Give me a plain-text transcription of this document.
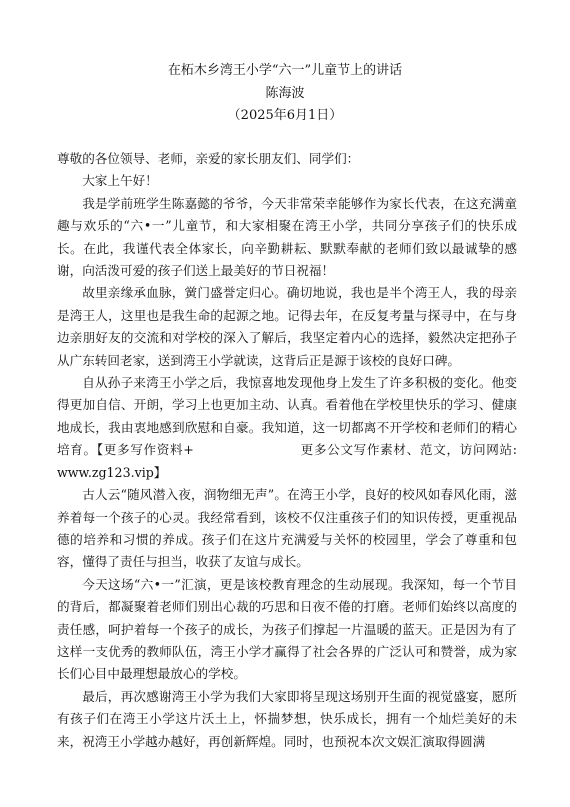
在柘木乡湾王小学“六一”儿童节上的讲话
陈海波
（2025年6月1日）

尊敬的各位领导、老师，亲爱的家长朋友们、同学们：

大家上午好！

我是学前班学生陈嘉懿的爷爷，今天非常荣幸能够作为家长代表，在这充满童趣与欢乐的“六•一”儿童节，和大家相聚在湾王小学，共同分享孩子们的快乐成长。在此，我谨代表全体家长，向辛勤耕耘、默默奉献的老师们致以最诚挚的感谢，向活泼可爱的孩子们送上最美好的节日祝福！

故里亲缘承血脉，黉门盛誉定归心。确切地说，我也是半个湾王人，我的母亲是湾王人，这里也是我生命的起源之地。记得去年，在反复考量与探寻中，在与身边亲朋好友的交流和对学校的深入了解后，我坚定着内心的选择，毅然决定把孙子从广东转回老家，送到湾王小学就读，这背后正是源于该校的良好口碑。

自从孙子来湾王小学之后，我惊喜地发现他身上发生了许多积极的变化。他变得更加自信、开朗，学习上也更加主动、认真。看着他在学校里快乐的学习、健康地成长，我由衷地感到欣慰和自豪。我知道，这一切都离不开学校和老师们的精心培育。【更多写作资料+　　　　　　　　更多公文写作素材、范文，访问网站: www.zg123.vip】

古人云“随风潜入夜，润物细无声”。在湾王小学，良好的校风如春风化雨，滋养着每一个孩子的心灵。我经常看到，该校不仅注重孩子们的知识传授，更重视品德的培养和习惯的养成。孩子们在这片充满爱与关怀的校园里，学会了尊重和包容，懂得了责任与担当，收获了友谊与成长。

今天这场“六•一”汇演，更是该校教育理念的生动展现。我深知，每一个节目的背后，都凝聚着老师们别出心裁的巧思和日夜不倦的打磨。老师们始终以高度的责任感，呵护着每一个孩子的成长，为孩子们撑起一片温暖的蓝天。正是因为有了这样一支优秀的教师队伍，湾王小学才赢得了社会各界的广泛认可和赞誉，成为家长们心目中最理想最放心的学校。

最后，再次感谢湾王小学为我们大家即将呈现这场别开生面的视觉盛宴，愿所有孩子们在湾王小学这片沃土上，怀揣梦想，快乐成长，拥有一个灿烂美好的未来，祝湾王小学越办越好，再创新辉煌。同时，也预祝本次文娱汇演取得圆满
